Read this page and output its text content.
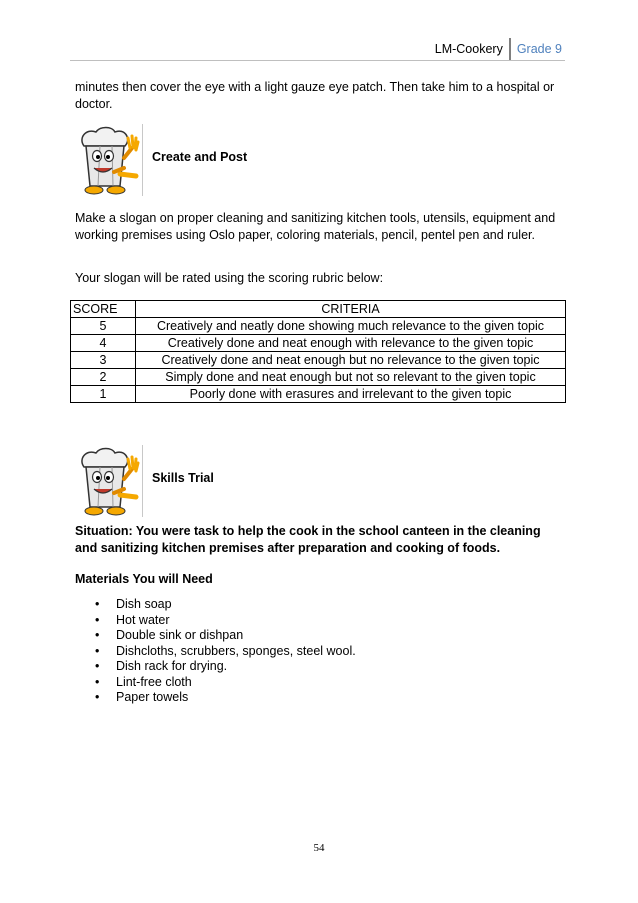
LM-Cookery	Grade 9
minutes then cover the eye with a light gauze eye patch. Then take him to a hospital or doctor.
Create and Post
Make a slogan on proper cleaning and sanitizing kitchen tools, utensils, equipment and working premises using Oslo paper, coloring materials, pencil, pentel pen and ruler.
Your slogan will be rated using the scoring rubric below:
SCORE	CRITERIA
5	Creatively and neatly done showing much relevance to the given topic
4	Creatively done and neat enough with relevance to the given topic
3	Creatively done and neat enough but no relevance to the given topic
2	Simply done and neat enough but not so relevant to the given topic
1	Poorly done with erasures and irrelevant to the given topic
Skills Trial
Situation: You were task to help the cook in the school canteen in the cleaning and sanitizing kitchen premises after preparation and cooking of foods.
Materials You will Need
• Dish soap
• Hot water
• Double sink or dishpan
• Dishcloths, scrubbers, sponges, steel wool.
• Dish rack for drying.
• Lint-free cloth
• Paper towels
54
